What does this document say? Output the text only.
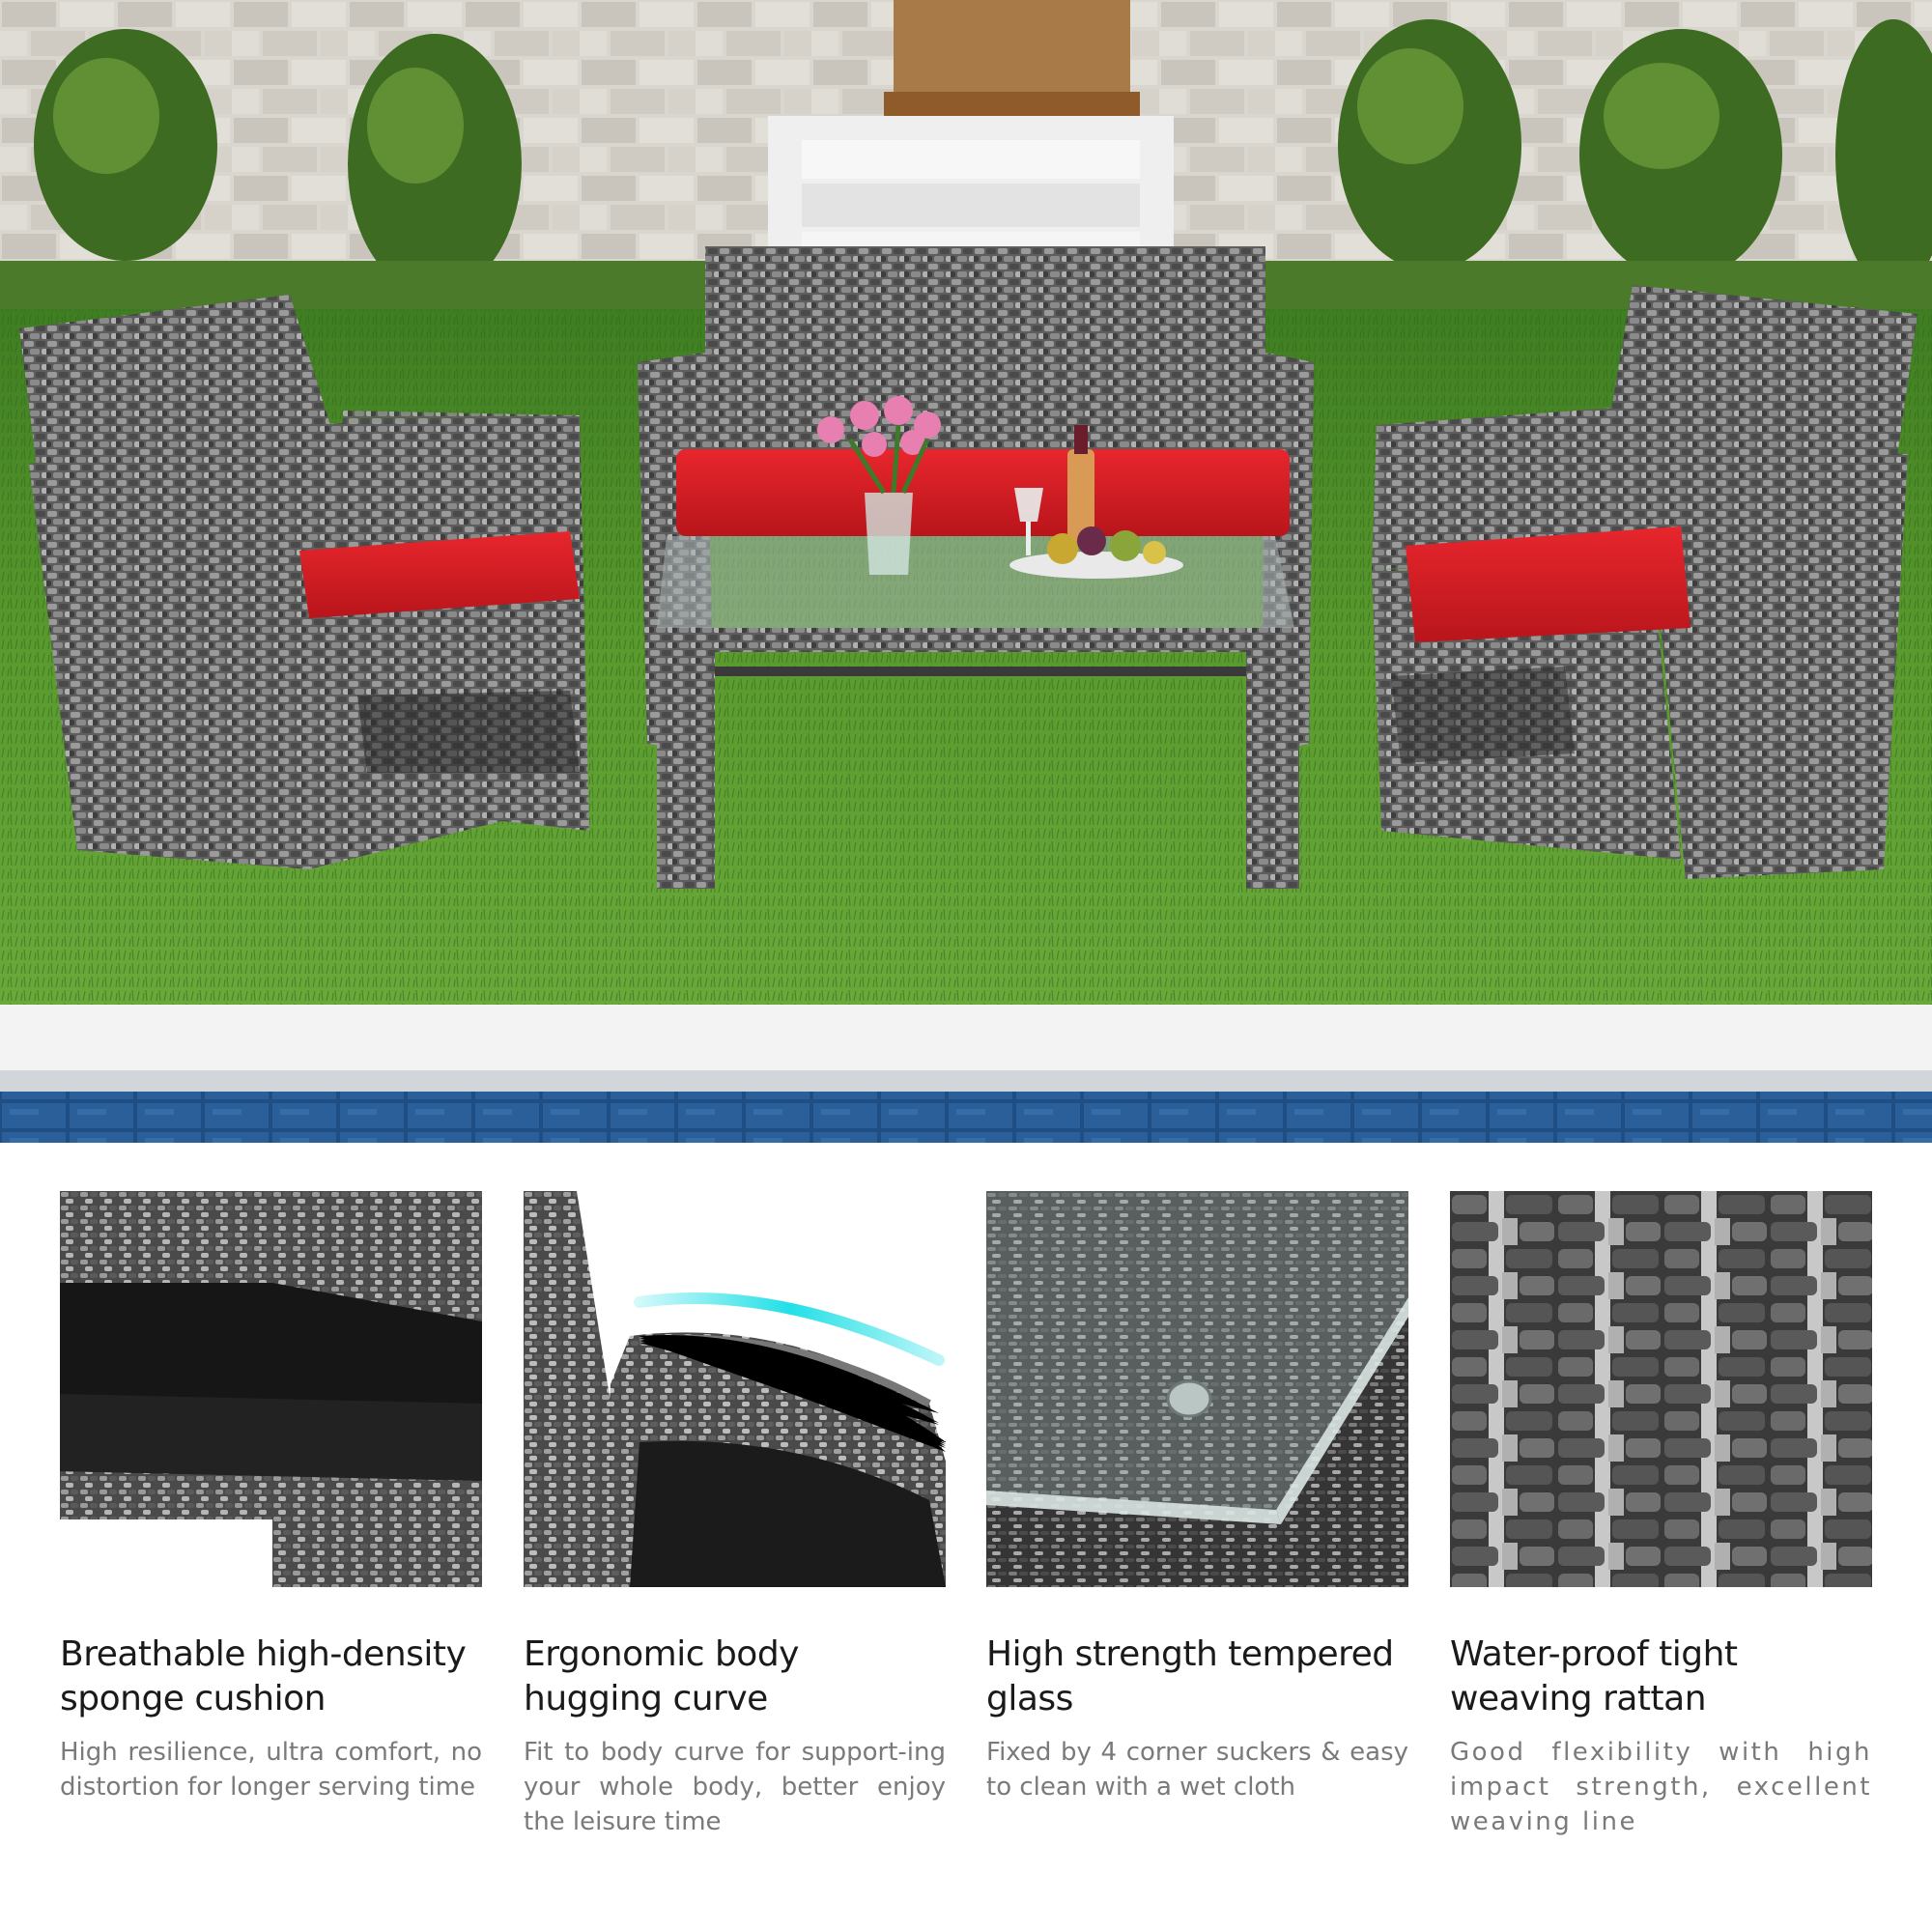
Breathable high-density sponge cushion

High resilience, ultra comfort, no distortion for longer serving time

Ergonomic body hugging curve

Fit to body curve for support-ing your whole body, better enjoy the leisure time

High strength tempered glass

Fixed by 4 corner suckers & easy to clean with a wet cloth

Water-proof tight weaving rattan

Good flexibility with high impact strength, excellent weaving line
